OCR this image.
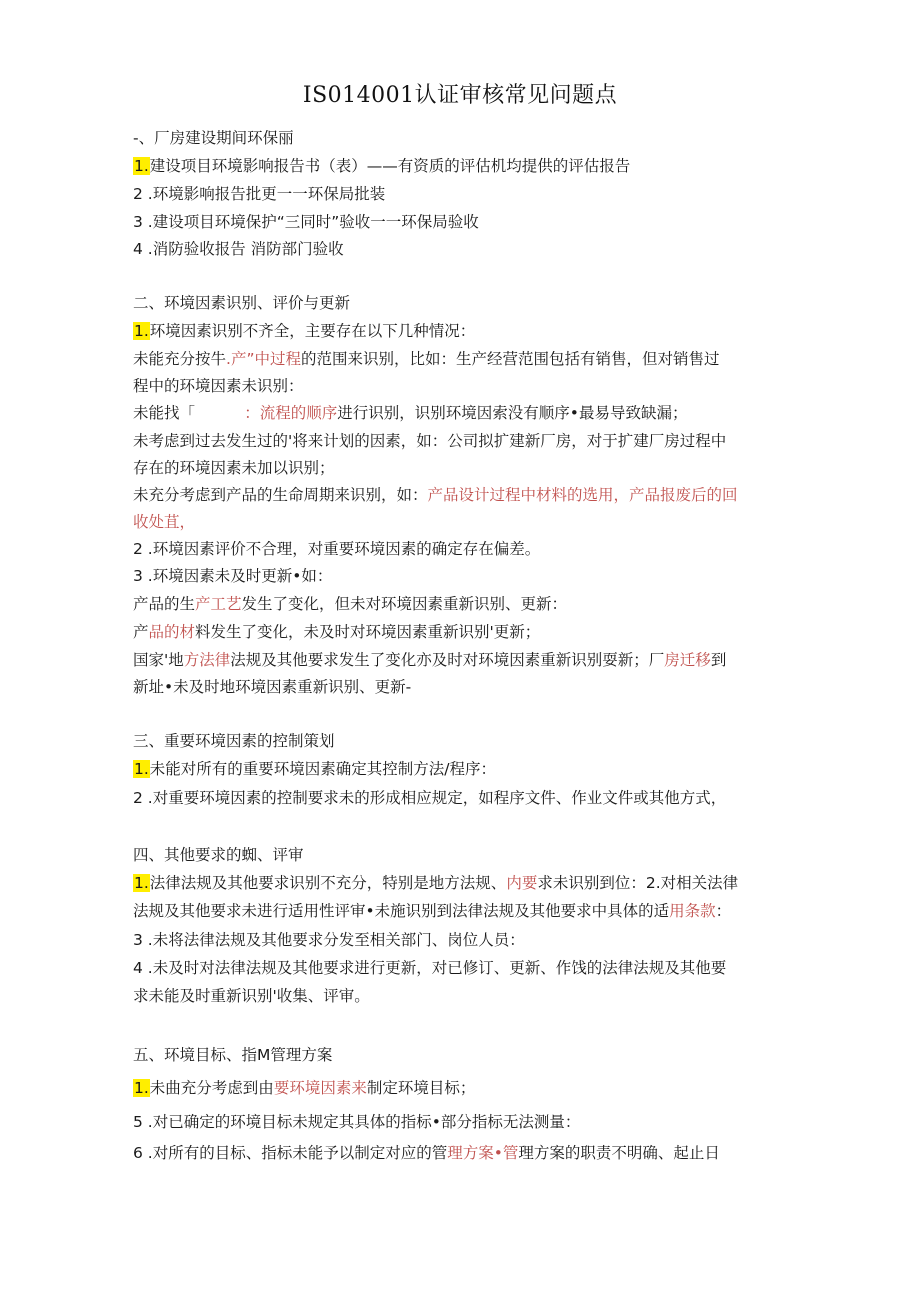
IS014001认证审核常见问题点
-、厂房建设期间环保丽
1.建设项目环境影响报告书（表）——有资质的评估机均提供的评估报告
2 .环境影响报告批更一一环保局批装
3 .建设项目环境保护“三同时”验收一一环保局验收
4 .消防验收报告 消防部门验收
二、环境因素识别、评价与更新
1.环境因素识别不齐全，主要存在以下几种情况：
未能充分按牛.产”中过程的范围来识别，比如：生产经营范围包括有销售，但对销售过
程中的环境因素未识别：
未能找「          ：流程的顺序进行识别，识别环境因索没有顺序•最易导致缺漏；
未考虑到过去发生过的'将来计划的因素，如：公司拟扩建新厂房，对于扩建厂房过程中
存在的环境因素未加以识别；
未充分考虑到产品的生命周期来识别，如：产品设计过程中材料的选用，产品报废后的回
收处苴，
2 .环境因素评价不合理，对重要环境因素的确定存在偏差。
3 .环境因素未及时更新•如：
产品的生产工艺发生了变化，但未对环境因素重新识别、更新：
产品的材料发生了变化，未及时对环境因素重新识别'更新；
国家'地方法律法规及其他要求发生了变化亦及时对环境因素重新识别耍新；厂房迁移到
新址•未及时地环境因素重新识别、更新-
三、重要环境因素的控制策划
1.未能对所有的重要环境因素确定其控制方法/程序：
2 .对重要环境因素的控制要求未的形成相应规定，如程序文件、作业文件或其他方式，
四、其他要求的蜘、评审
1.法律法规及其他要求识别不充分，特别是地方法规、内要求未识别到位：2.对相关法律
法规及其他要求未进行适用性评审•未施识别到法律法规及其他要求中具体的适用条款：
3 .未将法律法规及其他要求分发至相关部门、岗位人员：
4 .未及时对法律法规及其他要求进行更新，对已修订、更新、作饯的法律法规及其他要
求未能及时重新识别'收集、评审。
五、环境目标、指M管理方案
1.未曲充分考虑到由要环境因素来制定环境目标；
5 .对已确定的环境目标未规定其具体的指标•部分指标无法测量：
6 .对所有的目标、指标未能予以制定对应的管理方案•管理方案的职责不明确、起止日
